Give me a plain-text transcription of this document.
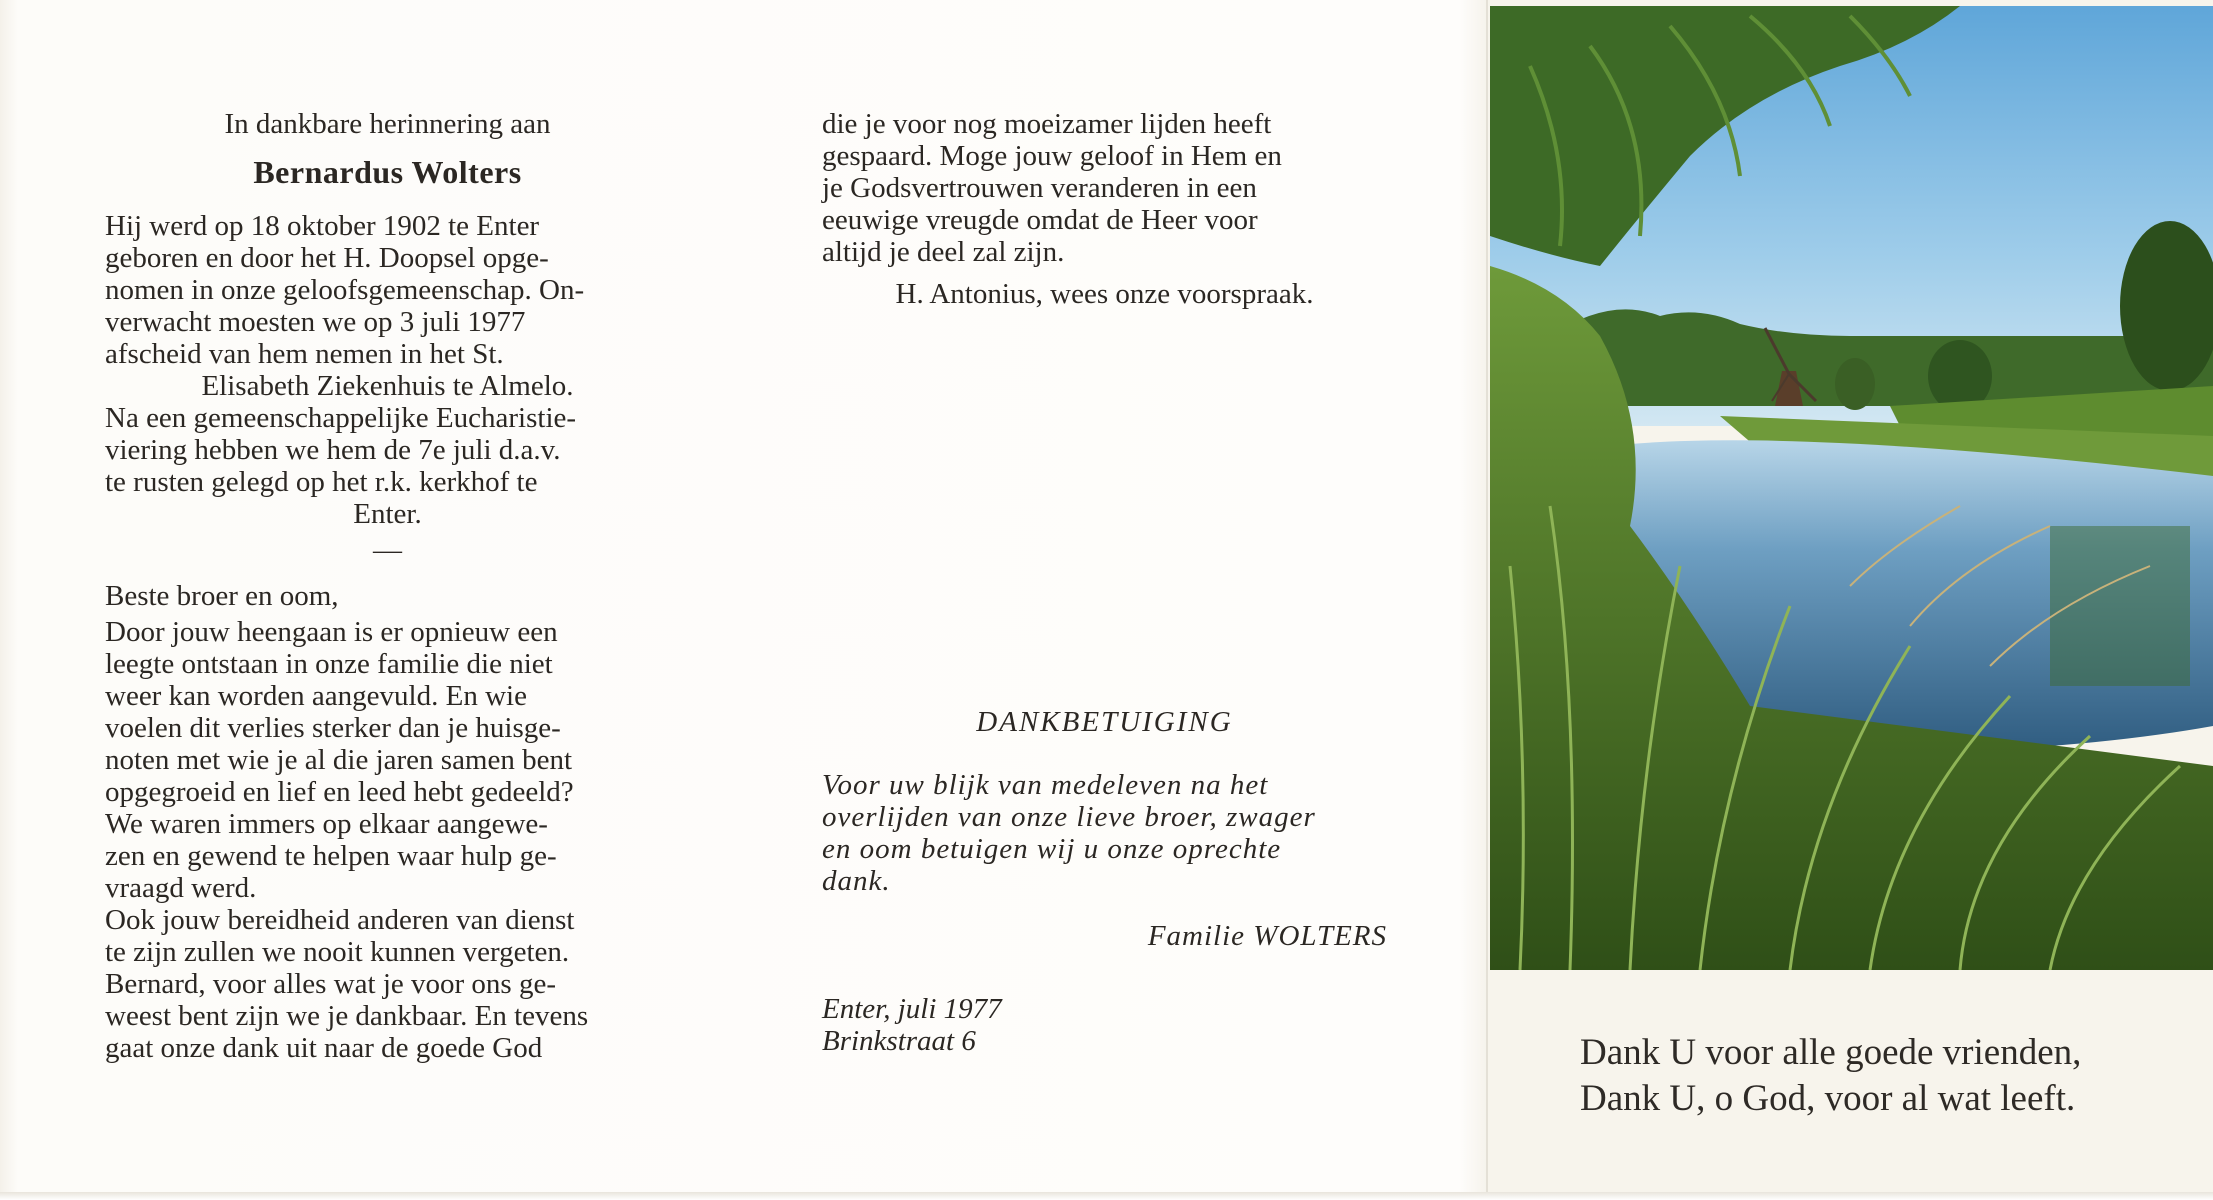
In dankbare herinnering aan

Bernardus Wolters

Hij werd op 18 oktober 1902 te Enter
geboren en door het H. Doopsel opge-
nomen in onze geloofsgemeenschap. On-
verwacht moesten we op 3 juli 1977
afscheid van hem nemen in het St.
Elisabeth Ziekenhuis te Almelo.
Na een gemeenschappelijke Eucharistie-
viering hebben we hem de 7e juli d.a.v.
te rusten gelegd op het r.k. kerkhof te
Enter.
—
Beste broer en oom,
Door jouw heengaan is er opnieuw een
leegte ontstaan in onze familie die niet
weer kan worden aangevuld. En wie
voelen dit verlies sterker dan je huisge-
noten met wie je al die jaren samen bent
opgegroeid en lief en leed hebt gedeeld?
We waren immers op elkaar aangewe-
zen en gewend te helpen waar hulp ge-
vraagd werd.
Ook jouw bereidheid anderen van dienst
te zijn zullen we nooit kunnen vergeten.
Bernard, voor alles wat je voor ons ge-
weest bent zijn we je dankbaar. En tevens
gaat onze dank uit naar de goede God
die je voor nog moeizamer lijden heeft
gespaard. Moge jouw geloof in Hem en
je Godsvertrouwen veranderen in een
eeuwige vreugde omdat de Heer voor
altijd je deel zal zijn.
H. Antonius, wees onze voorspraak.
DANKBETUIGING
Voor uw blijk van medeleven na het
overlijden van onze lieve broer, zwager
en oom betuigen wij u onze oprechte
dank.
Familie WOLTERS
Enter, juli 1977
Brinkstraat 6	Dank U voor alle goede vrienden,
Dank U, o God, voor al wat leeft.
